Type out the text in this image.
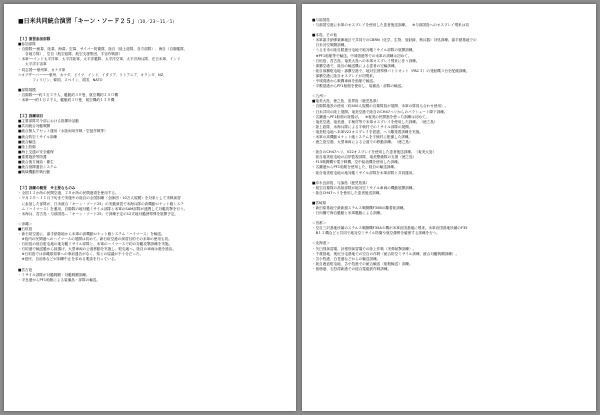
■日米共同統合演習「キーン・ソード２５」（10／23～11／1）
【１】演習参加部隊
■参加部隊
・自衛隊──統幕、陸幕、海幕、空幕、サイバー防衛隊、陸自（陸上総隊、各方面隊）、海自（自衛艦隊、
　　各地方隊）、空自（航空総隊、航空支援集団、宇宙作戦群）
・米軍──インド太平洋軍、太平洋陸軍、太平洋艦隊、太平洋空軍、太平洋海兵隊、在日米軍、インド
　　太平洋宇宙軍
・同志国──豪州軍、カナダ軍
☆オブザーバー───豪州、カナダ、ドイツ、インド、イタリア、リトアニア、オランダ、NZ、
　　　　フィリピン、韓国、スペイン、英国、NATO
■部隊規模
・自衛隊───約３万３千人、艦艇約３０隻、航空機約２５０機
・米軍───約１万２千人、艦艇約１０隻、航空機約１２０機
【２】訓練項目
■主要部隊司令部における指揮所活動
■共同統合対艦戦闘
■統合無人アセット運用（水陸両用作戦・空挺作戦等）
■統合防空ミサイル訓練
■統合輸送
■陸上防衛
■海上交通の安全確保
■重要施設等防護
■統合後方補給・衛生
■統合指揮通信システム
■戦域機動作戦行動
【３】訓練の概要　※主要なものみ
・全国１２か所の民間空港、２０か所の民間港湾を使用する。
・９月２０～１１月下旬まで実施中の陸自の全国訓練（全師団・10万人規模）を対象として実戦演習
　に参加した部隊が、日米統合「キーン・ソード25」の実動演習で米海兵隊の高機動ロケット砲システ
　ム（ハイマース）を運用、自衛隊の地対艦ミサイル部隊と米軍のSAM部隊が連携して対艦攻撃を行う。
・米海兵、宮古島・与那国島…「キーン・ソード25」で訓練予定の12式地対艦誘導弾を展開予定。
＜沖縄＞
■石垣島
・新石垣空港に、嘉手納基地から米軍の高機動ロケット砲システム「ハイマース」を輸送。
　※島内の民間港へのハイマースの展開は初めて。新石垣空港の演習目的での米軍の使用も初。
・石垣島の陸自駐屯地の地対艦ミサイル部隊と、米軍のハイマースで約の対艦攻撃訓練を実施。
・石垣港で輸送艦から陸揚げ、大型車両の公道移動を実施し、駐屯地へ。陸自の車両は港を経由。
　※石垣島では沖縄県知事への事前通告がなく、県との協議が不十分だった。
　※島民、自治体などが訓練中止を求める要請を行っている。
■宮古島
・ミサイル部隊が対艦戦闘・対艦戦闘訓練。
・平良港からPF1船舶による装備品・部隊の輸送。
■与那国島
・与那国空港に米軍のオスプレイを使用した患者後送訓練。　※与那国島へのオスプレイ飛来は初
■本島、その他
・米軍嘉手納弾薬庫地区で共同でのCBRN（化学、生物、放射線、核兵器）対処訓練。嘉手納基地での
　日米対空戦闘訓練。
・うるま市の陸自勝連分屯地で地対艦ミサイル部隊の展開訓練。
　※PF1船舶等で輸送。中城湾港等での米軍の訓練は初めて。
・石垣島、宮古島、奄美大島への米軍オスプレイ飛来に伴う訓練。
・那覇空港で、陸自の輸送機による患者の空輸訓練。
・陸自那覇駐屯地・那覇空港で、地対空誘導弾パトリオット（PAC３）の発射機３台を配備訓練。
・那覇空港に陸自オスプレイが初飛来。
・中城湾港から戦闘車両を船舶で輸送。
・平敷屋港からPF1船舶を使用し、装備品・部隊の輸送。
＜九州＞
■奄美大島、徳之島、喜界島（鹿児島県）
・自衛隊施設の使用（約400人規模の自衛隊員が展開、米軍の隊員も合わせ使用）。
・日米共同の陸上展開。奄美空港で陸自のCH47ヘリからのパラシュート降下訓練。
・名瀬港へPF1船舶の陸揚げ。　※奄美の民間港を使った訓練は初めて。
・奄美空港、奄美港、宇検村等で米軍オスプレイを使用した訓練。（徳之島）
・陸上総隊、米海兵隊による宇検村でのミサイル部隊の展開。
・奄美駐屯地へ米軍V22オスプレイを派遣、ヘリ離発着訓練を実施。
・米軍の高機動ロケット砲システムを宇検村に配備した訓練。
・徳之島空港、大型車両による公道での移動訓練。（徳之島）
・陸自のCH47ヘリ、V22オスプレイを使用した患者後送訓練。（奄美大島）
　陸自奄美駐屯地の沿岸監視部隊、奄美警備隊の支援（徳之島）
・F15戦闘機や電子戦機、空中給油機を使用した訓練。
・名瀬港からPF1船舶を使用した、陸自の輸送訓練。
・陸自奄美駐屯地の地対艦ミサイル部隊を米軍部隊と共同運用。
■沖永良部島、与論島（鹿児島県）
・航空自衛隊の高射部隊が地対空ミサイル車両の機動展開訓練。
・陸自CH47ヘリを使用した患者後送訓練。
■宮崎県
・新田原基地で最新鋭ステルス戦闘機F35Bの離着陸訓練。
・日向灘で海自艦艇と米軍艦艇による訓練。
＜首都＞
・空自三沢基地所属のステルス戦闘機F35A６機が米軍岩国基地に飛来。米軍岩国基地所属のF35
　B１２機などと共同で地対空ミサイル防衛や航空優勢を確保する訓練を行う。
＜北海道＞
・矢臼別演習場、計根別演習場での陸上作戦（実弾射撃訓練）。
・千歳基地、奥尻分屯基地での空自の作戦（統合防空ミサイル訓練、統合対艦戦闘訓練）。
・苫小牧港、白老港などからの輸送訓練。
・陸自鹿追駐屯地、苫小牧港での統合輸送（船舶輸送）訓練。
・留萌港、石狩湾新港での総合電磁波作戦訓練。
